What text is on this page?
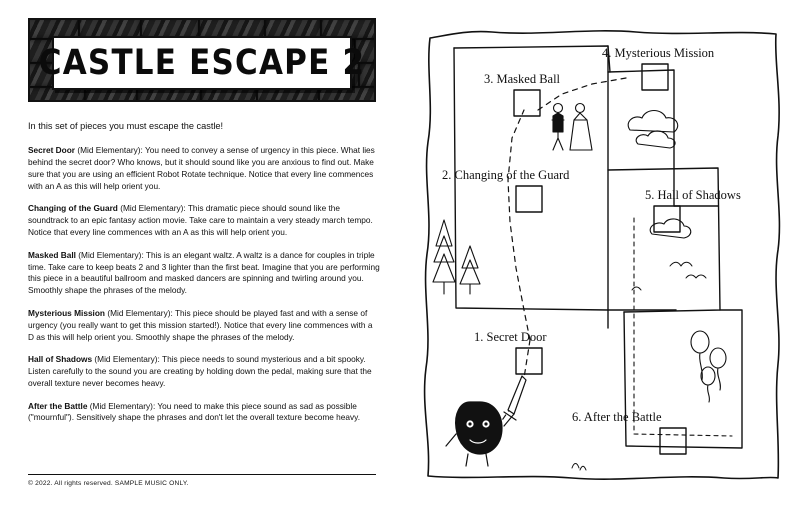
CASTLE ESCAPE 2
In this set of pieces you must escape the castle!

Secret Door (Mid Elementary): You need to convey a sense of urgency in this piece. What lies behind the secret door? Who knows, but it should sound like you are anxious to find out. Make sure that you are using an efficient Robot Rotate technique. Notice that every line commences with an A as this will help orient you.

Changing of the Guard (Mid Elementary): This dramatic piece should sound like the soundtrack to an epic fantasy action movie. Take care to maintain a very steady march tempo. Notice that every line commences with an A as this will help orient you.

Masked Ball (Mid Elementary): This is an elegant waltz. A waltz is a dance for couples in triple time. Take care to keep beats 2 and 3 lighter than the first beat. Imagine that you are performing this piece in a beautiful ballroom and masked dancers are spinning and twirling around you. Smoothly shape the phrases of the melody.

Mysterious Mission (Mid Elementary): This piece should be played fast and with a sense of urgency (you really want to get this mission started!). Notice that every line commences with a D as this will help orient you. Smoothly shape the phrases of the melody.

Hall of Shadows (Mid Elementary): This piece needs to sound mysterious and a bit spooky. Listen carefully to the sound you are creating by holding down the pedal, making sure that the overall texture never becomes heavy.

After the Battle (Mid Elementary): You need to make this piece sound as sad as possible ("mournful"). Sensitively shape the phrases and don't let the overall texture become heavy.

© 2022. All rights reserved. SAMPLE MUSIC ONLY.
1. Secret Door
2. Changing of the Guard
3. Masked Ball
4. Mysterious Mission
5. Hall of Shadows
6. After the Battle
